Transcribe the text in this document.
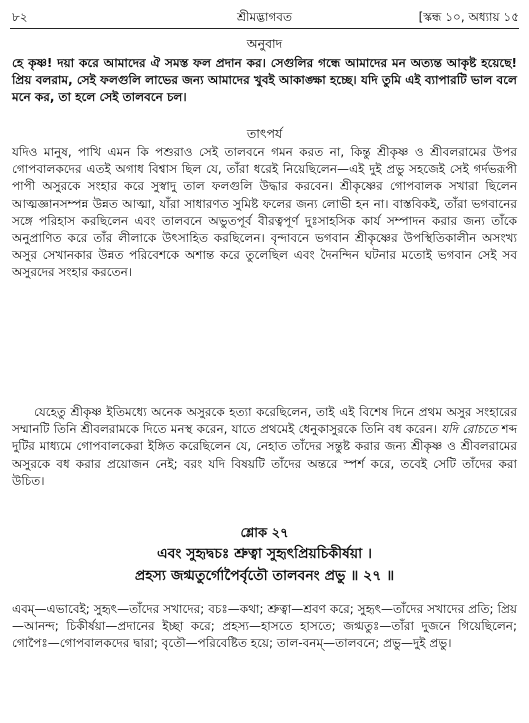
৮২	শ্রীমদ্ভাগবত	[স্কন্ধ ১০, অধ্যায় ১৫
অনুবাদ
হে কৃষ্ণ! দয়া করে আমাদের ঐ সমস্ত ফল প্রদান কর। সেগুলির গন্ধে আমাদের মন অত্যন্ত আকৃষ্ট হয়েছে! প্রিয় বলরাম, সেই ফলগুলি লাভের জন্য আমাদের খুবই আকাঙ্ক্ষা হচ্ছে। যদি তুমি এই ব্যাপারটি ভাল বলে মনে কর, তা হলে সেই তালবনে চল।
তাৎপর্য
যদিও মানুষ, পাখি এমন কি পশুরাও সেই তালবনে গমন করত না, কিন্তু শ্রীকৃষ্ণ ও শ্রীবলরামের উপর গোপবালকদের এতই অগাধ বিশ্বাস ছিল যে, তাঁরা ধরেই নিয়েছিলেন—এই দুই প্রভু সহজেই সেই গর্দভরূপী পাপী অসুরকে সংহার করে সুস্বাদু তাল ফলগুলি উদ্ধার করবেন। শ্রীকৃষ্ণের গোপবালক সখারা ছিলেন আত্মজ্ঞানসম্পন্ন উন্নত আত্মা, যাঁরা সাধারণত সুমিষ্ট ফলের জন্য লোভী হন না। বাস্তবিকই, তাঁরা ভগবানের সঙ্গে পরিহাস করছিলেন এবং তালবনে অভুতপূর্ব বীরত্বপূর্ণ দুঃসাহসিক কার্য সম্পাদন করার জন্য তাঁকে অনুপ্রাণিত করে তাঁর লীলাকে উৎসাহিত করছিলেন। বৃন্দাবনে ভগবান শ্রীকৃষ্ণের উপস্থিতিকালীন অসংখ্য অসুর সেখানকার উন্নত পরিবেশকে অশান্ত করে তুলেছিল এবং দৈনন্দিন ঘটনার মতোই ভগবান সেই সব অসুরদের সংহার করতেন।
যেহেতু শ্রীকৃষ্ণ ইতিমধ্যে অনেক অসুরকে হত্যা করেছিলেন, তাই এই বিশেষ দিনে প্রথম অসুর সংহারের সম্মানটি তিনি শ্রীবলরামকে দিতে মনস্থ করেন, যাতে প্রথমেই ধেনুকাসুরকে তিনি বধ করেন। যদি রোচতে শব্দ দুটির মাধ্যমে গোপবালকেরা ইঙ্গিত করেছিলেন যে, নেহাত তাঁদের সন্তুষ্ট করার জন্য শ্রীকৃষ্ণ ও শ্রীবলরামের অসুরকে বধ করার প্রয়োজন নেই; বরং যদি বিষয়টি তাঁদের অন্তরে স্পর্শ করে, তবেই সেটি তাঁদের করা উচিত।
শ্লোক ২৭
এবং সুহৃদ্বচঃ শ্রুত্বা সুহৃৎপ্রিয়চিকীর্ষয়া ।
প্রহস্য জগ্মতুর্গোপৈর্বৃতৌ তালবনং প্রভু ॥ ২৭ ॥
এবম্—এভাবেই; সুহৃৎ—তাঁদের সখাদের; বচঃ—কথা; শ্রুত্বা—শ্রবণ করে; সুহৃৎ—তাঁদের সখাদের প্রতি; প্রিয়—আনন্দ; চিকীর্ষয়া—প্রদানের ইচ্ছা করে; প্রহস্য—হাসতে হাসতে; জগ্মতুঃ—তাঁরা দুজনে গিয়েছিলেন; গোপৈঃ—গোপবালকদের দ্বারা; বৃতৌ—পরিবেষ্টিত হয়ে; তাল-বনম্—তালবনে; প্রভু—দুই প্রভু।
